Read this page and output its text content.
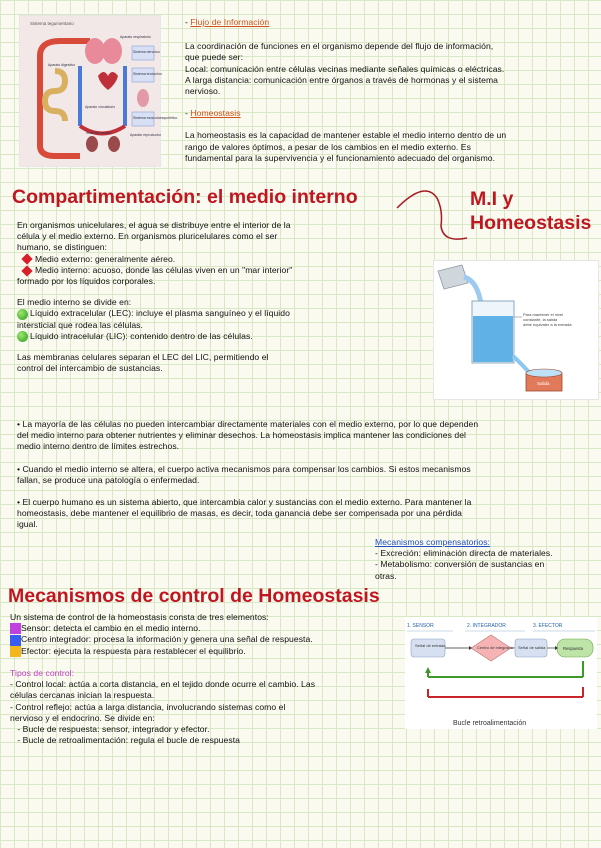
Sistema tegumentario
Sistema nervioso
Sistema endocrino
Sistema musculoesquelético
Aparato respiratorio
Aparato circulatorio
Aparato digestivo
Sistema urinario	Aparato reproductor

- Flujo de Información

La coordinación de funciones en el organismo depende del flujo de información,

que puede ser:

Local: comunicación entre células vecinas mediante señales químicas o eléctricas.

A larga distancia: comunicación entre órganos a través de hormonas y el sistema

nervioso.

- Homeostasis

La homeostasis es la capacidad de mantener estable el medio interno dentro de un

rango de valores óptimos, a pesar de los cambios en el medio externo. Es

fundamental para la supervivencia y el funcionamiento adecuado del organismo.

Compartimentación: el medio interno	M.I y
Homeostasis

En organismos unicelulares, el agua se distribuye entre el interior de la

célula y el medio externo. En organismos pluricelulares como el ser

humano, se distinguen:

Medio externo: generalmente aéreo.

Medio interno: acuoso, donde las células viven en un "mar interior"

formado por los líquidos corporales.

El medio interno se divide en:

Líquido extracelular (LEC): incluye el plasma sanguíneo y el líquido

intersticial que rodea las células.

Líquido intracelular (LIC): contenido dentro de las células.

Las membranas celulares separan el LEC del LIC, permitiendo el

control del intercambio de sustancias.

Salida
Para mantener el nivel
constante, la salida
debe equivaler a la entrada.

• La mayoría de las células no pueden intercambiar directamente materiales con el medio externo, por lo que dependen

del medio interno para obtener nutrientes y eliminar desechos. La homeostasis implica mantener las condiciones del

medio interno dentro de límites estrechos.

• Cuando el medio interno se altera, el cuerpo activa mecanismos para compensar los cambios. Si estos mecanismos

fallan, se produce una patología o enfermedad.

• El cuerpo humano es un sistema abierto, que intercambia calor y sustancias con el medio externo. Para mantener la

homeostasis, debe mantener el equilibrio de masas, es decir, toda ganancia debe ser compensada por una pérdida

igual.

Mecanismos compensatorios:

- Excreción: eliminación directa de materiales.

- Metabolismo: conversión de sustancias en

otras.

Mecanismos de control de Homeostasis

Un sistema de control de la homeostasis consta de tres elementos:

Sensor: detecta el cambio en el medio interno.

Centro integrador: procesa la información y genera una señal de respuesta.

Efector: ejecuta la respuesta para restablecer el equilibrio.

Tipos de control:

- Control local: actúa a corta distancia, en el tejido donde ocurre el cambio. Las

células cercanas inician la respuesta.

- Control reflejo: actúa a larga distancia, involucrando sistemas como el

nervioso y el endocrino. Se divide en:

- Bucle de respuesta: sensor, integrador y efector.

- Bucle de retroalimentación: regula el bucle de respuesta

1. SENSOR	2. INTEGRADOR	3. EFECTOR
Señal de entrada	Centro de integración Señal de salida	Respuesta
Bucle retroalimentación
